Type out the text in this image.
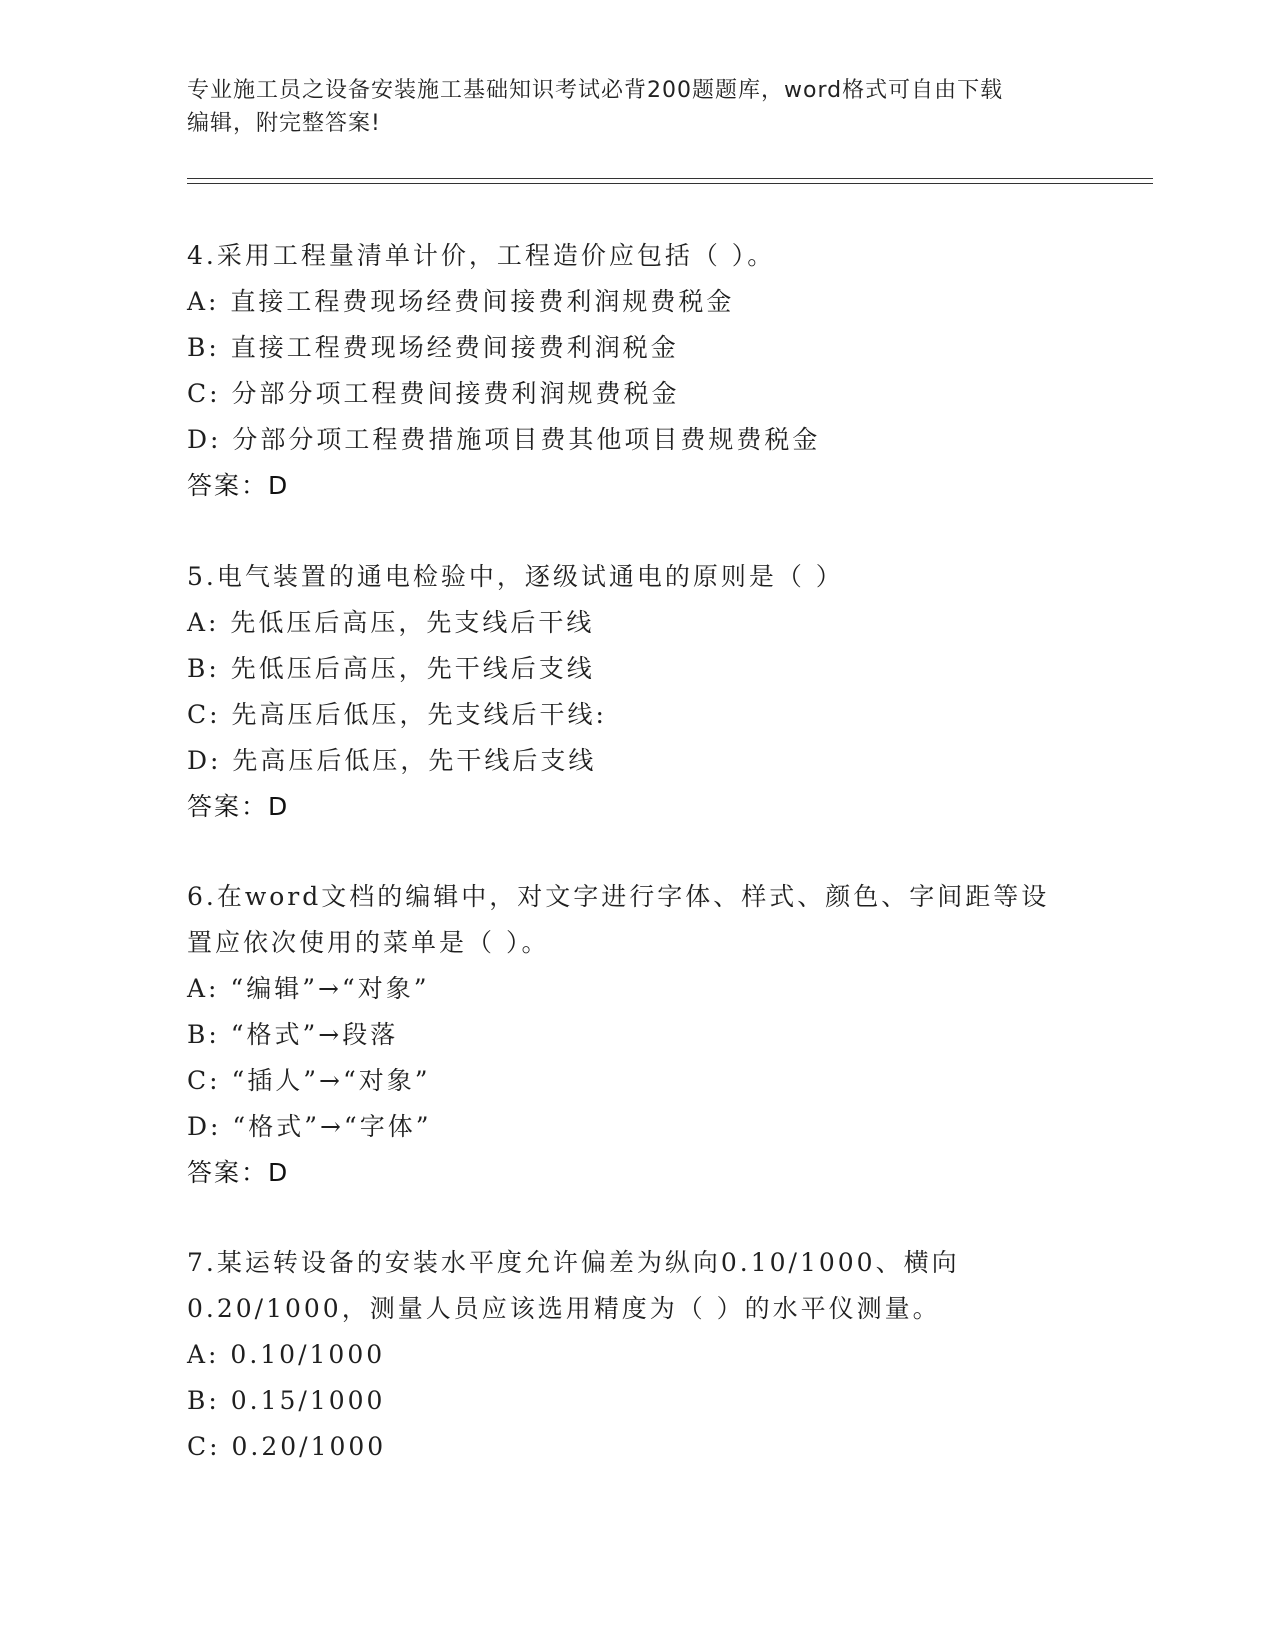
专业施工员之设备安装施工基础知识考试必背200题题库，word格式可自由下载
编辑，附完整答案!
4.采用工程量清单计价，工程造价应包括（ ）。
A: 直接工程费现场经费间接费利润规费税金
B: 直接工程费现场经费间接费利润税金
C: 分部分项工程费间接费利润规费税金
D: 分部分项工程费措施项目费其他项目费规费税金
答案：D
5.电气装置的通电检验中，逐级试通电的原则是（ ）
A: 先低压后高压，先支线后干线
B: 先低压后高压，先干线后支线
C: 先高压后低压，先支线后干线:
D: 先高压后低压，先干线后支线
答案：D
6.在word文档的编辑中，对文字进行字体、样式、颜色、字间距等设
置应依次使用的菜单是（ ）。
A: “编辑”→“对象”
B: “格式”→段落
C: “插人”→“对象”
D: “格式”→“字体”
答案：D
7.某运转设备的安装水平度允许偏差为纵向0.10/1000、横向
0.20/1000，测量人员应该选用精度为（ ）的水平仪测量。
A: 0.10/1000
B: 0.15/1000
C: 0.20/1000
